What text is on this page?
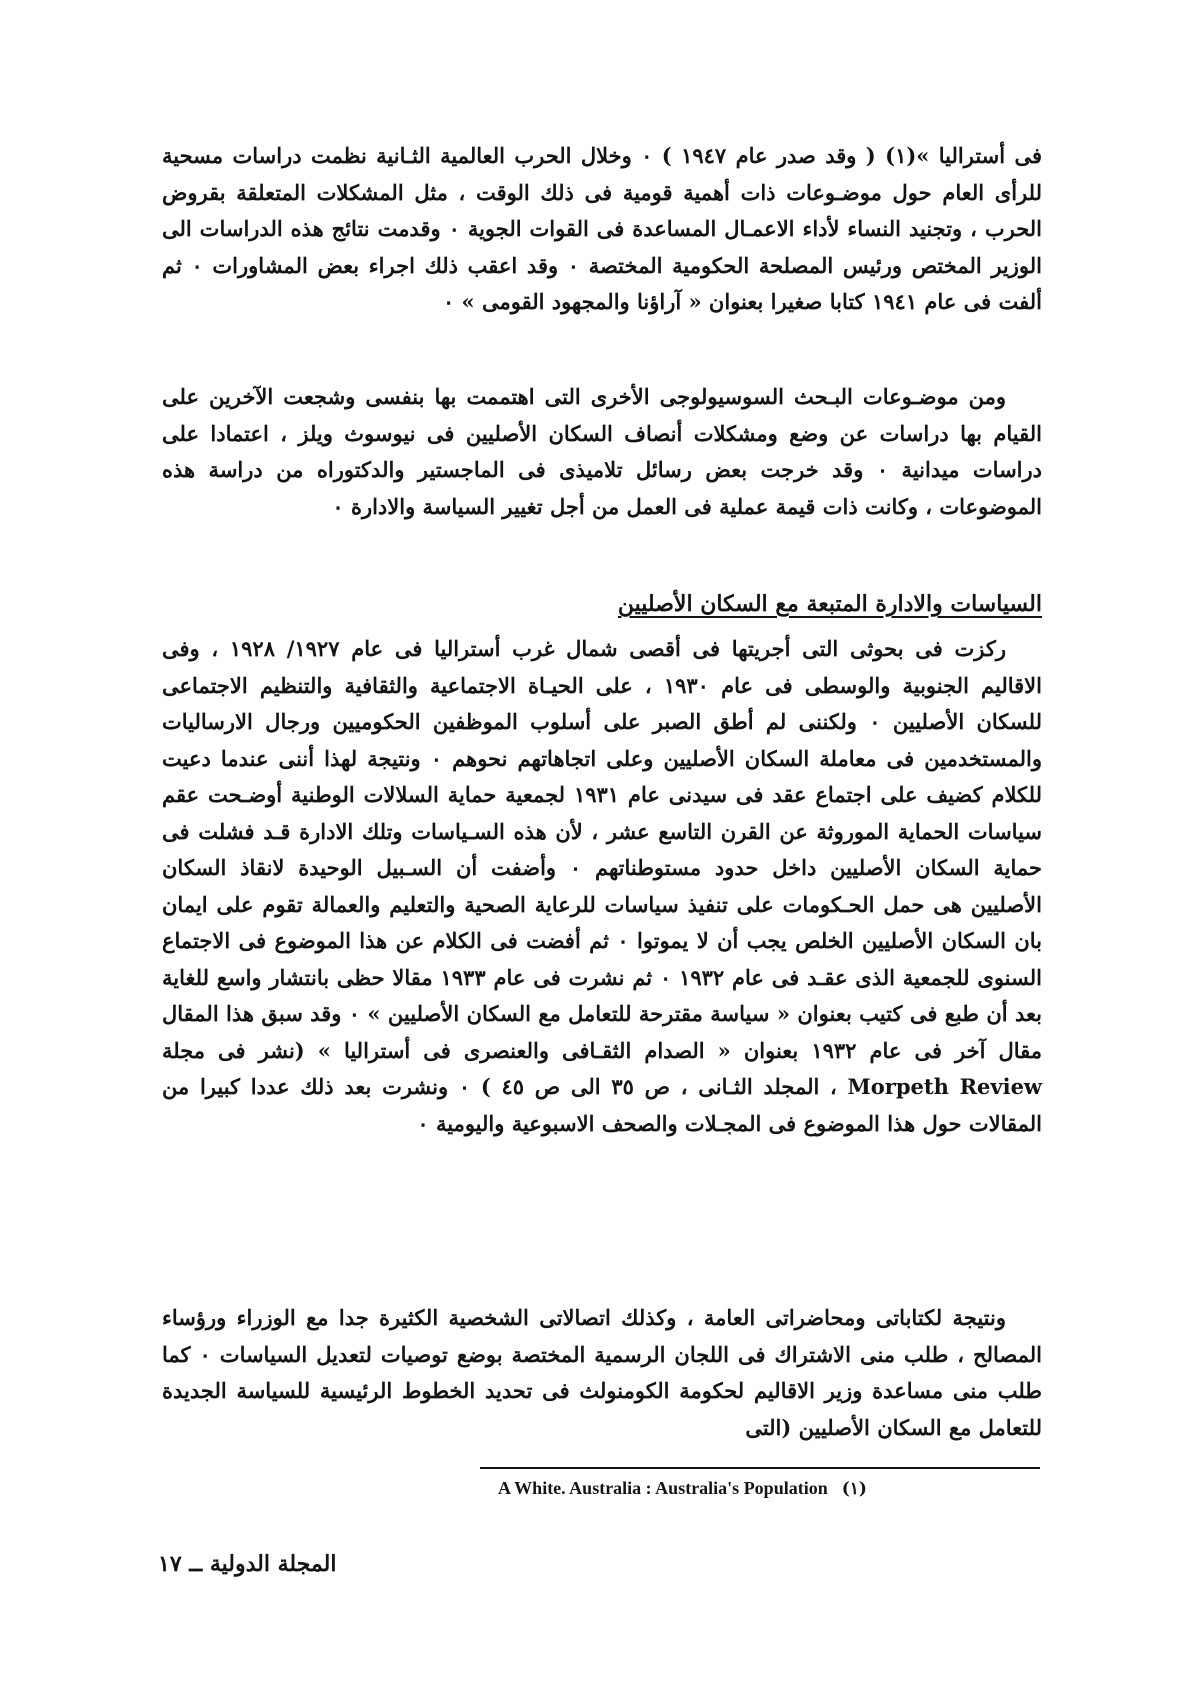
فى أستراليا »(١) ( وقد صدر عام ١٩٤٧ ) ٠ وخلال الحرب العالمية الثـانية نظمت دراسات مسحية للرأى العام حول موضـوعات ذات أهمية قومية فى ذلك الوقت ، مثل المشكلات المتعلقة بقروض الحرب ، وتجنيد النساء لأداء الاعمـال المساعدة فى القوات الجوية ٠ وقدمت نتائج هذه الدراسات الى الوزير المختص ورئيس المصلحة الحكومية المختصة ٠ وقد اعقب ذلك اجراء بعض المشاورات ٠ ثم ألفت فى عام ١٩٤١ كتابا صغيرا بعنوان « آراؤنا والمجهود القومى » ٠

ومن موضـوعات البـحث السوسيولوجى الأخرى التى اهتممت بها بنفسى وشجعت الآخرين على القيام بها دراسات عن وضع ومشكلات أنصاف السكان الأصليين فى نيوسوث ويلز ، اعتمادا على دراسات ميدانية ٠ وقد خرجت بعض رسائل تلاميذى فى الماجستير والدكتوراه من دراسة هذه الموضوعات ، وكانت ذات قيمة عملية فى العمل من أجل تغيير السياسة والادارة ٠

السياسات والادارة المتبعة مع السكان الأصليين

ركزت فى بحوثى التى أجريتها فى أقصى شمال غرب أستراليا فى عام ١٩٢٧/ ١٩٢٨ ، وفى الاقاليم الجنوبية والوسطى فى عام ١٩٣٠ ، على الحيـاة الاجتماعية والثقافية والتنظيم الاجتماعى للسكان الأصليين ٠ ولكننى لم أطق الصبر على أسلوب الموظفين الحكوميين ورجال الارساليات والمستخدمين فى معاملة السكان الأصليين وعلى اتجاهاتهم نحوهم ٠ ونتيجة لهذا أننى عندما دعيت للكلام كضيف على اجتماع عقد فى سيدنى عام ١٩٣١ لجمعية حماية السلالات الوطنية أوضـحت عقم سياسات الحماية الموروثة عن القرن التاسع عشر ، لأن هذه السـياسات وتلك الادارة قـد فشلت فى حماية السكان الأصليين داخل حدود مستوطناتهم ٠ وأضفت أن السـبيل الوحيدة لانقاذ السكان الأصليين هى حمل الحـكومات على تنفيذ سياسات للرعاية الصحية والتعليم والعمالة تقوم على ايمان بان السكان الأصليين الخلص يجب أن لا يموتوا ٠ ثم أفضت فى الكلام عن هذا الموضوع فى الاجتماع السنوى للجمعية الذى عقـد فى عام ١٩٣٢ ٠ ثم نشرت فى عام ١٩٣٣ مقالا حظى بانتشار واسع للغاية بعد أن طبع فى كتيب بعنوان « سياسة مقترحة للتعامل مع السكان الأصليين » ٠ وقد سبق هذا المقال مقال آخر فى عام ١٩٣٢ بعنوان « الصدام الثقـافى والعنصرى فى أستراليا » (نشر فى مجلة Morpeth Review ، المجلد الثـانى ، ص ٣٥ الى ص ٤٥ ) ٠ ونشرت بعد ذلك عددا كبيرا من المقالات حول هذا الموضوع فى المجـلات والصحف الاسبوعية واليومية ٠

ونتيجة لكتاباتى ومحاضراتى العامة ، وكذلك اتصالاتى الشخصية الكثيرة جدا مع الوزراء ورؤساء المصالح ، طلب منى الاشتراك فى اللجان الرسمية المختصة بوضع توصيات لتعديل السياسات ٠ كما طلب منى مساعدة وزير الاقاليم لحكومة الكومنولث فى تحديد الخطوط الرئيسية للسياسة الجديدة للتعامل مع السكان الأصليين (التى

A White. Australia : Australia's Population (١)
المجلة الدولية ــ ١٧
